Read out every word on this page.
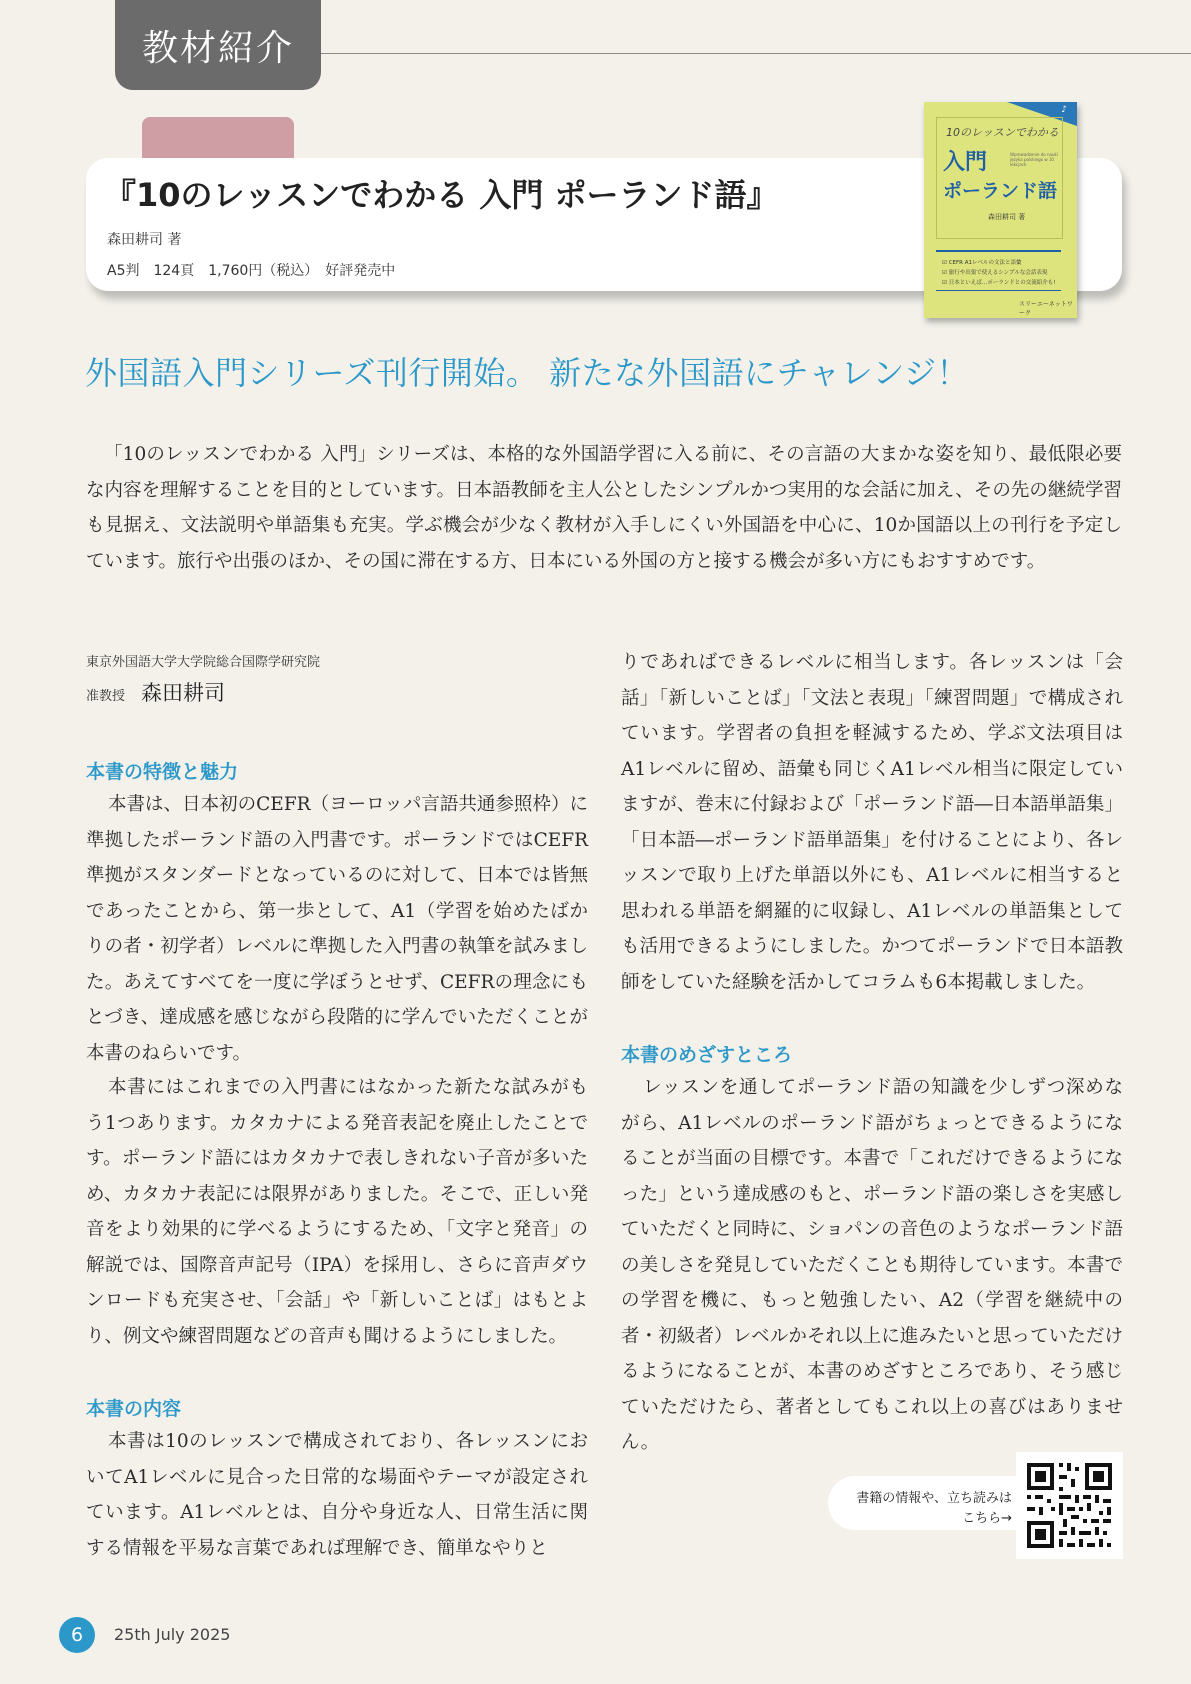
教材紹介
『10のレッスンでわかる 入門 ポーランド語』
森田耕司 著
A5判　124頁　1,760円（税込）　好評発売中
♪
10のレッスンでわかる
入門	Wprowadzenie do nauki języka polskiego w 10 lekcjach
ポーランド語
森田耕司 著
☑ CEFR A1レベルの文法と語彙
☑ 旅行や出張で使えるシンプルな会話表現
☑ 日本といえば…ポーランドとの交流紹介も!
スリーエーネットワーク
外国語入門シリーズ刊行開始。 新たな外国語にチャレンジ！
「10のレッスンでわかる 入門」シリーズは、本格的な外国語学習に入る前に、その言語の大まかな姿を知り、最低限必要な内容を理解することを目的としています。日本語教師を主人公としたシンプルかつ実用的な会話に加え、その先の継続学習も見据え、文法説明や単語集も充実。学ぶ機会が少なく教材が入手しにくい外国語を中心に、10か国語以上の刊行を予定しています。旅行や出張のほか、その国に滞在する方、日本にいる外国の方と接する機会が多い方にもおすすめです。
東京外国語大学大学院総合国際学研究院
准教授 森田耕司
本書の特徴と魅力
本書は、日本初のCEFR（ヨーロッパ言語共通参照枠）に準拠したポーランド語の入門書です。ポーランドではCEFR準拠がスタンダードとなっているのに対して、日本では皆無であったことから、第一歩として、A1（学習を始めたばかりの者・初学者）レベルに準拠した入門書の執筆を試みました。あえてすべてを一度に学ぼうとせず、CEFRの理念にもとづき、達成感を感じながら段階的に学んでいただくことが本書のねらいです。
本書にはこれまでの入門書にはなかった新たな試みがもう1つあります。カタカナによる発音表記を廃止したことです。ポーランド語にはカタカナで表しきれない子音が多いため、カタカナ表記には限界がありました。そこで、正しい発音をより効果的に学べるようにするため、「文字と発音」の解説では、国際音声記号（IPA）を採用し、さらに音声ダウンロードも充実させ、「会話」や「新しいことば」はもとより、例文や練習問題などの音声も聞けるようにしました。
本書の内容
本書は10のレッスンで構成されており、各レッスンにおいてA1レベルに見合った日常的な場面やテーマが設定されています。A1レベルとは、自分や身近な人、日常生活に関する情報を平易な言葉であれば理解でき、簡単なやりと
りであればできるレベルに相当します。各レッスンは「会話」「新しいことば」「文法と表現」「練習問題」で構成されています。学習者の負担を軽減するため、学ぶ文法項目はA1レベルに留め、語彙も同じくA1レベル相当に限定していますが、巻末に付録および「ポーランド語―日本語単語集」「日本語―ポーランド語単語集」を付けることにより、各レッスンで取り上げた単語以外にも、A1レベルに相当すると思われる単語を網羅的に収録し、A1レベルの単語集としても活用できるようにしました。かつてポーランドで日本語教師をしていた経験を活かしてコラムも6本掲載しました。
本書のめざすところ
レッスンを通してポーランド語の知識を少しずつ深めながら、A1レベルのポーランド語がちょっとできるようになることが当面の目標です。本書で「これだけできるようになった」という達成感のもと、ポーランド語の楽しさを実感していただくと同時に、ショパンの音色のようなポーランド語の美しさを発見していただくことも期待しています。本書での学習を機に、もっと勉強したい、A2（学習を継続中の者・初級者）レベルかそれ以上に進みたいと思っていただけるようになることが、本書のめざすところであり、そう感じていただけたら、著者としてもこれ以上の喜びはありません。
書籍の情報や、立ち読みは
こちら→
6	25th July 2025
